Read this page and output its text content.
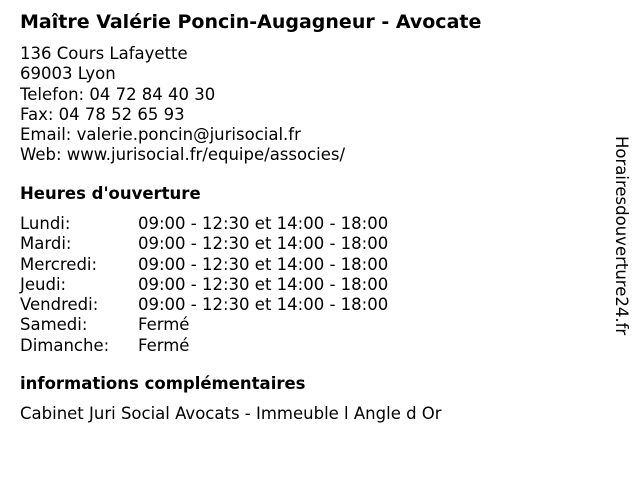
Maître Valérie Poncin-Augagneur - Avocate
136 Cours Lafayette
69003 Lyon
Telefon: 04 72 84 40 30
Fax: 04 78 52 65 93
Email: valerie.poncin@jurisocial.fr
Web: www.jurisocial.fr/equipe/associes/
Heures d'ouverture
Lundi:	09:00 - 12:30 et 14:00 - 18:00
Mardi:	09:00 - 12:30 et 14:00 - 18:00
Mercredi:	09:00 - 12:30 et 14:00 - 18:00
Jeudi:	09:00 - 12:30 et 14:00 - 18:00
Vendredi:	09:00 - 12:30 et 14:00 - 18:00
Samedi:	Fermé
Dimanche:	Fermé
informations complémentaires
Cabinet Juri Social Avocats - Immeuble l Angle d Or
Horairesdouverture24.fr
